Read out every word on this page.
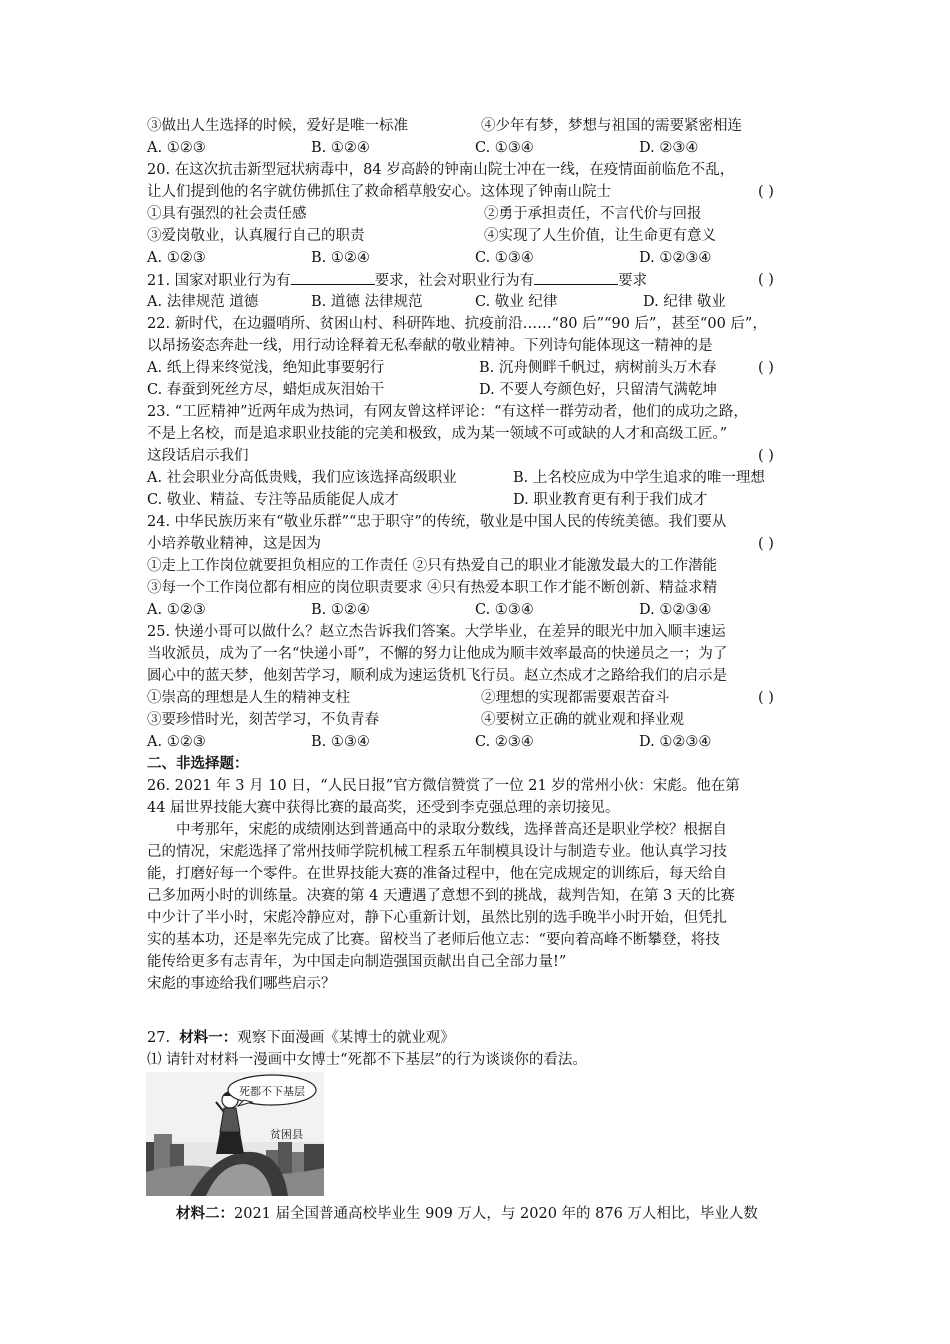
③做出人生选择的时候，爱好是唯一标准	④少年有梦，梦想与祖国的需要紧密相连
A. ①②③	B. ①②④	C. ①③④	D. ②③④
20. 在这次抗击新型冠状病毒中，84 岁高龄的钟南山院士冲在一线，在疫情面前临危不乱，
让人们提到他的名字就仿佛抓住了救命稻草般安心。这体现了钟南山院士	( )
①具有强烈的社会责任感	②勇于承担责任，不言代价与回报
③爱岗敬业，认真履行自己的职责	④实现了人生价值，让生命更有意义
A. ①②③	B. ①②④	C. ①③④	D. ①②③④
21. 国家对职业行为有	要求，社会对职业行为有	要求	( )
A. 法律规范 道德	B. 道德 法律规范	C. 敬业 纪律	D. 纪律 敬业
22. 新时代，在边疆哨所、贫困山村、科研阵地、抗疫前沿……“80 后”“90 后”，甚至“00 后”，
以昂扬姿态奔赴一线，用行动诠释着无私奉献的敬业精神。下列诗句能体现这一精神的是
A. 纸上得来终觉浅，绝知此事要躬行	B. 沉舟侧畔千帆过，病树前头万木春	( )
C. 春蚕到死丝方尽，蜡炬成灰泪始干	D. 不要人夸颜色好，只留清气满乾坤
23. “工匠精神”近两年成为热词，有网友曾这样评论：“有这样一群劳动者，他们的成功之路，
不是上名校，而是追求职业技能的完美和极致，成为某一领域不可或缺的人才和高级工匠。”
这段话启示我们	( )
A. 社会职业分高低贵贱，我们应该选择高级职业	B. 上名校应成为中学生追求的唯一理想
C. 敬业、精益、专注等品质能促人成才	D. 职业教育更有利于我们成才
24. 中华民族历来有“敬业乐群”“忠于职守”的传统，敬业是中国人民的传统美德。我们要从
小培养敬业精神，这是因为	( )
①走上工作岗位就要担负相应的工作责任 ②只有热爱自己的职业才能激发最大的工作潜能
③每一个工作岗位都有相应的岗位职责要求 ④只有热爱本职工作才能不断创新、精益求精
A. ①②③	B. ①②④	C. ①③④	D. ①②③④
25. 快递小哥可以做什么？赵立杰告诉我们答案。大学毕业，在差异的眼光中加入顺丰速运
当收派员，成为了一名“快递小哥”，不懈的努力让他成为顺丰效率最高的快递员之一；为了
圆心中的蓝天梦，他刻苦学习，顺利成为速运货机飞行员。赵立杰成才之路给我们的启示是
①崇高的理想是人生的精神支柱	②理想的实现都需要艰苦奋斗	( )
③要珍惜时光，刻苦学习，不负青春	④要树立正确的就业观和择业观
A. ①②③	B. ①③④	C. ②③④	D. ①②③④
二、非选择题：
26. 2021 年 3 月 10 日，“人民日报”官方微信赞赏了一位 21 岁的常州小伙：宋彪。他在第
44 届世界技能大赛中获得比赛的最高奖，还受到李克强总理的亲切接见。
中考那年，宋彪的成绩刚达到普通高中的录取分数线，选择普高还是职业学校？根据自
己的情况，宋彪选择了常州技师学院机械工程系五年制模具设计与制造专业。他认真学习技
能，打磨好每一个零件。在世界技能大赛的准备过程中，他在完成规定的训练后，每天给自
己多加两小时的训练量。决赛的第 4 天遭遇了意想不到的挑战，裁判告知，在第 3 天的比赛
中少计了半小时，宋彪冷静应对，静下心重新计划，虽然比别的选手晚半小时开始，但凭扎
实的基本功，还是率先完成了比赛。留校当了老师后他立志：“要向着高峰不断攀登，将技
能传给更多有志青年，为中国走向制造强国贡献出自己全部力量!”
宋彪的事迹给我们哪些启示？
27. 材料一：观察下面漫画《某博士的就业观》
⑴ 请针对材料一漫画中女博士“死都不下基层”的行为谈谈你的看法。
死都不下基层
贫困县
材料二：2021 届全国普通高校毕业生 909 万人，与 2020 年的 876 万人相比，毕业人数
